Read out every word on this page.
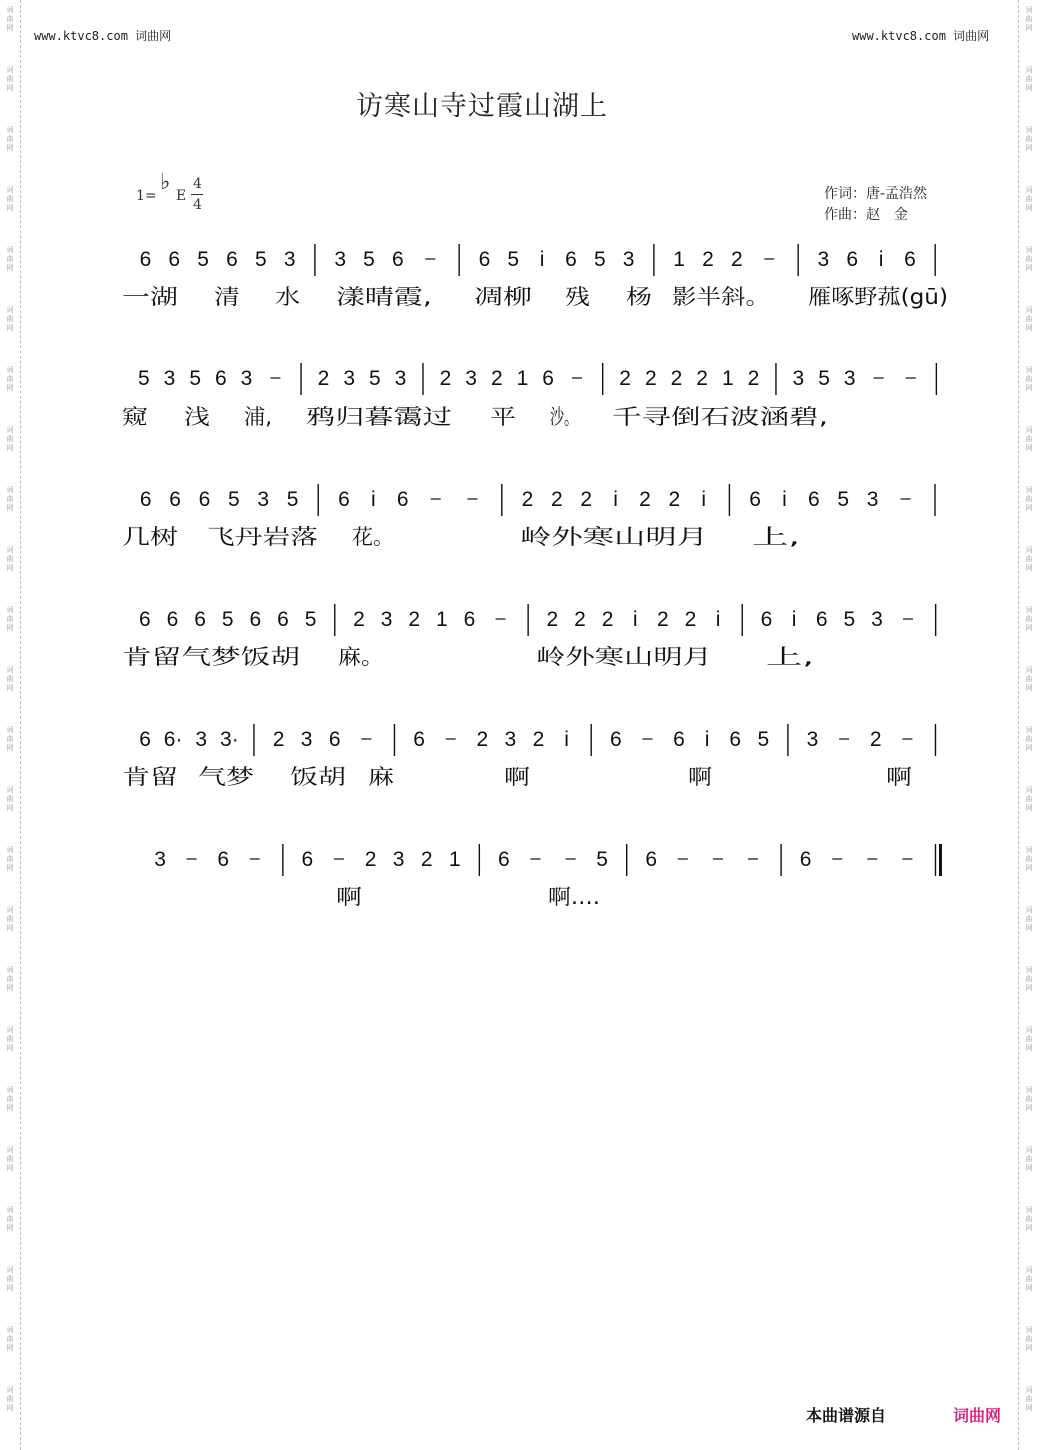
词
曲
网
词
曲
网
词
曲
网
词
曲
网
词
曲
网
词
曲
网
词
曲
网
词
曲
网
词
曲
网
词
曲
网
词
曲
网
词
曲
网
词
曲
网
词
曲
网
词
曲
网
词
曲
网
词
曲
网
词
曲
网
词
曲
网
词
曲
网
词
曲
网
词
曲
网
词
曲
网
词
曲
网
词
曲
网
词
曲
网
词
曲
网
词
曲
网
词
曲
网
词
曲
网
词
曲
网
词
曲
网
词
曲
网
词
曲
网
词
曲
网
词
曲
网
词
曲
网
词
曲
网
词
曲
网
词
曲
网
词
曲
网
词
曲
网
词
曲
网
词
曲
网
词
曲
网
词
曲
网
词
曲
网
词
曲
网
www.ktvc8.com 词曲网	www.ktvc8.com 词曲网
访寒山寺过霞山湖上
1=
♭
E
4
4
作词：唐-孟浩然
作曲：赵　金
6 6 5 6 5 3 3 5 6	6 5 i 6 5 3 1 2 2	3 6 i 6
一湖 清 水 漾晴霞, 凋柳 残 杨 影半斜。 雁啄野菰(gū)
5 3 5 6 3	2 3 5 3 2 3 2 1 6	2 2 2 2 1 2 3 5 3
窥 浅 浦, 鸦归暮霭过 平 沙。 千寻倒石波涵碧,
6 6 6 5 3 5 6 i 6	2 2 2 i 2 2 i 6 i 6 5 3
几树 飞丹岩落 花。	岭外寒山明月 上,
6 6 6 5 6 6 5 2 3 2 1 6	2 2 2 i 2 2 i 6 i 6 5 3
肯留气梦饭胡 麻。	岭外寒山明月	上,
6 6· 3 3· 2 3 6	6 2 3 2 i 6 6 i 6 5 3 2
肯留 气梦 饭胡 麻	啊	啊	啊
3 6	6 2 3 2 1 6	5 6	6
啊	啊....
本曲谱源自	词曲网
